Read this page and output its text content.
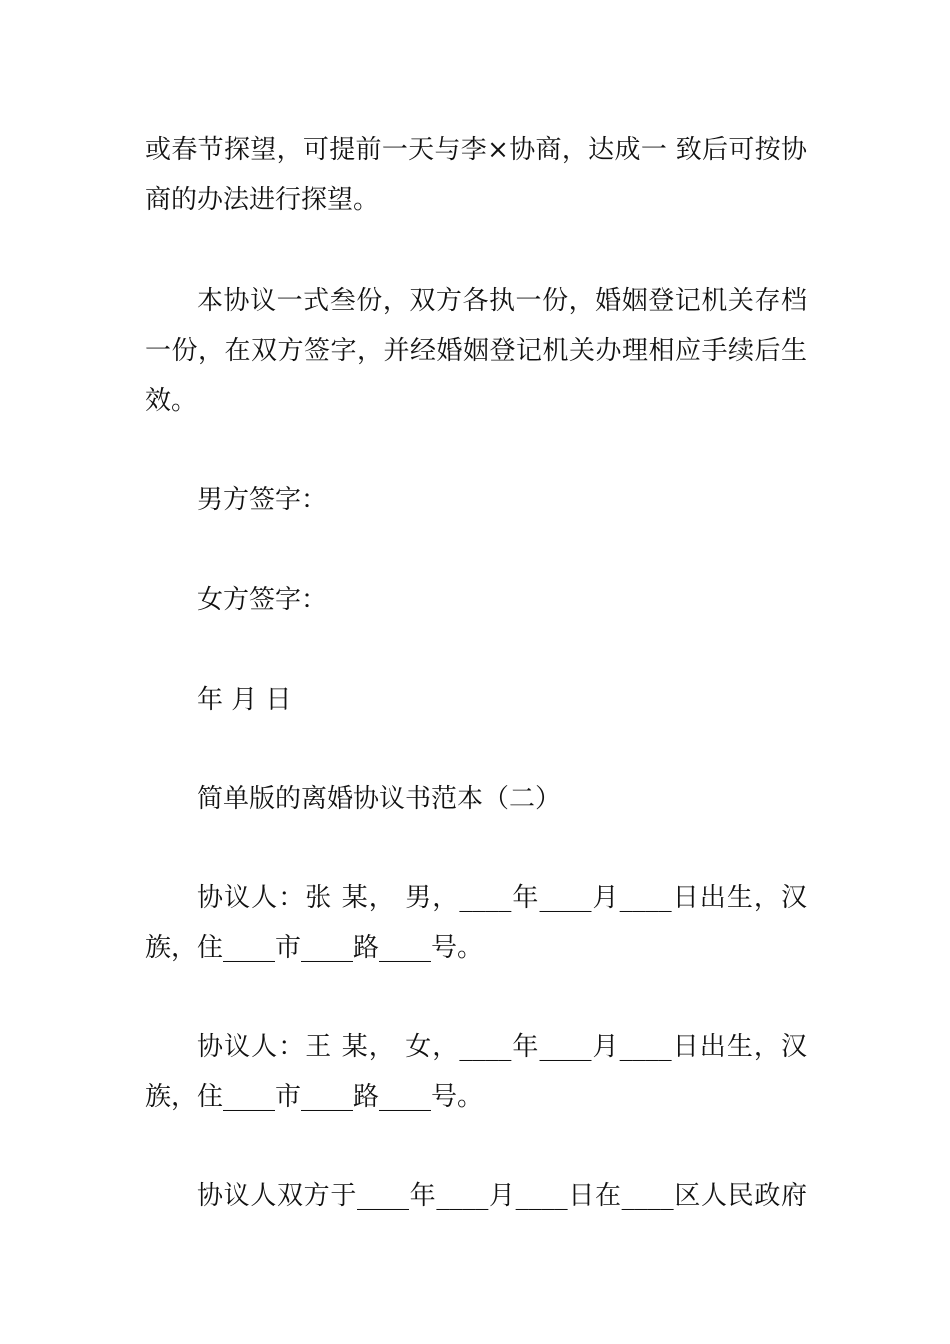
或春节探望，可提前一天与李×协商，达成一 致后可按协
商的办法进行探望。
本协议一式叁份，双方各执一份，婚姻登记机关存档
一份，在双方签字，并经婚姻登记机关办理相应手续后生
效。
男方签字：
女方签字：
年 月 日
简单版的离婚协议书范本（二）
协议人：张 某， 男，____年____月____日出生，汉
族，住____市____路____号。
协议人：王 某， 女，____年____月____日出生，汉
族，住____市____路____号。
协议人双方于____年____月____日在____区人民政府
